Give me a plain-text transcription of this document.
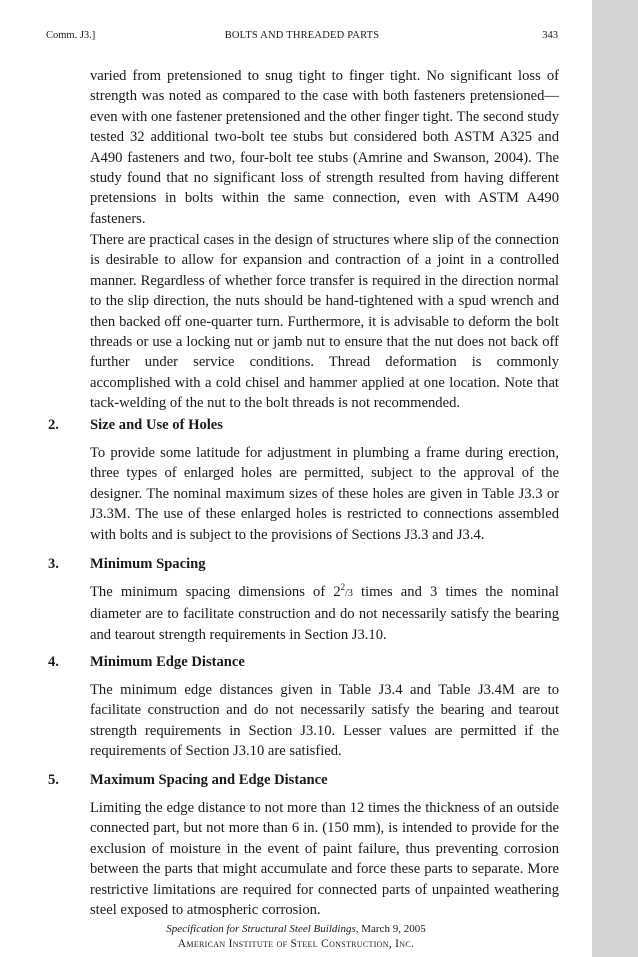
Comm. J3.]	BOLTS AND THREADED PARTS	343
varied from pretensioned to snug tight to finger tight. No significant loss of strength was noted as compared to the case with both fasteners pretensioned—even with one fastener pretensioned and the other finger tight. The second study tested 32 additional two-bolt tee stubs but considered both ASTM A325 and A490 fasteners and two, four-bolt tee stubs (Amrine and Swanson, 2004). The study found that no significant loss of strength resulted from having different pretensions in bolts within the same connection, even with ASTM A490 fasteners.
There are practical cases in the design of structures where slip of the connection is desirable to allow for expansion and contraction of a joint in a controlled manner. Regardless of whether force transfer is required in the direction normal to the slip direction, the nuts should be hand-tightened with a spud wrench and then backed off one-quarter turn. Furthermore, it is advisable to deform the bolt threads or use a locking nut or jamb nut to ensure that the nut does not back off further under service conditions. Thread deformation is commonly accomplished with a cold chisel and hammer applied at one location. Note that tack-welding of the nut to the bolt threads is not recommended.
2. Size and Use of Holes
To provide some latitude for adjustment in plumbing a frame during erection, three types of enlarged holes are permitted, subject to the approval of the designer. The nominal maximum sizes of these holes are given in Table J3.3 or J3.3M. The use of these enlarged holes is restricted to connections assembled with bolts and is subject to the provisions of Sections J3.3 and J3.4.
3. Minimum Spacing
The minimum spacing dimensions of $2^2/3$ times and 3 times the nominal diameter are to facilitate construction and do not necessarily satisfy the bearing and tearout strength requirements in Section J3.10.
4. Minimum Edge Distance
The minimum edge distances given in Table J3.4 and Table J3.4M are to facilitate construction and do not necessarily satisfy the bearing and tearout strength requirements in Section J3.10. Lesser values are permitted if the requirements of Section J3.10 are satisfied.
5. Maximum Spacing and Edge Distance
Limiting the edge distance to not more than 12 times the thickness of an outside connected part, but not more than 6 in. (150 mm), is intended to provide for the exclusion of moisture in the event of paint failure, thus preventing corrosion between the parts that might accumulate and force these parts to separate. More restrictive limitations are required for connected parts of unpainted weathering steel exposed to atmospheric corrosion.
Specification for Structural Steel Buildings, March 9, 2005
American Institute of Steel Construction, Inc.
